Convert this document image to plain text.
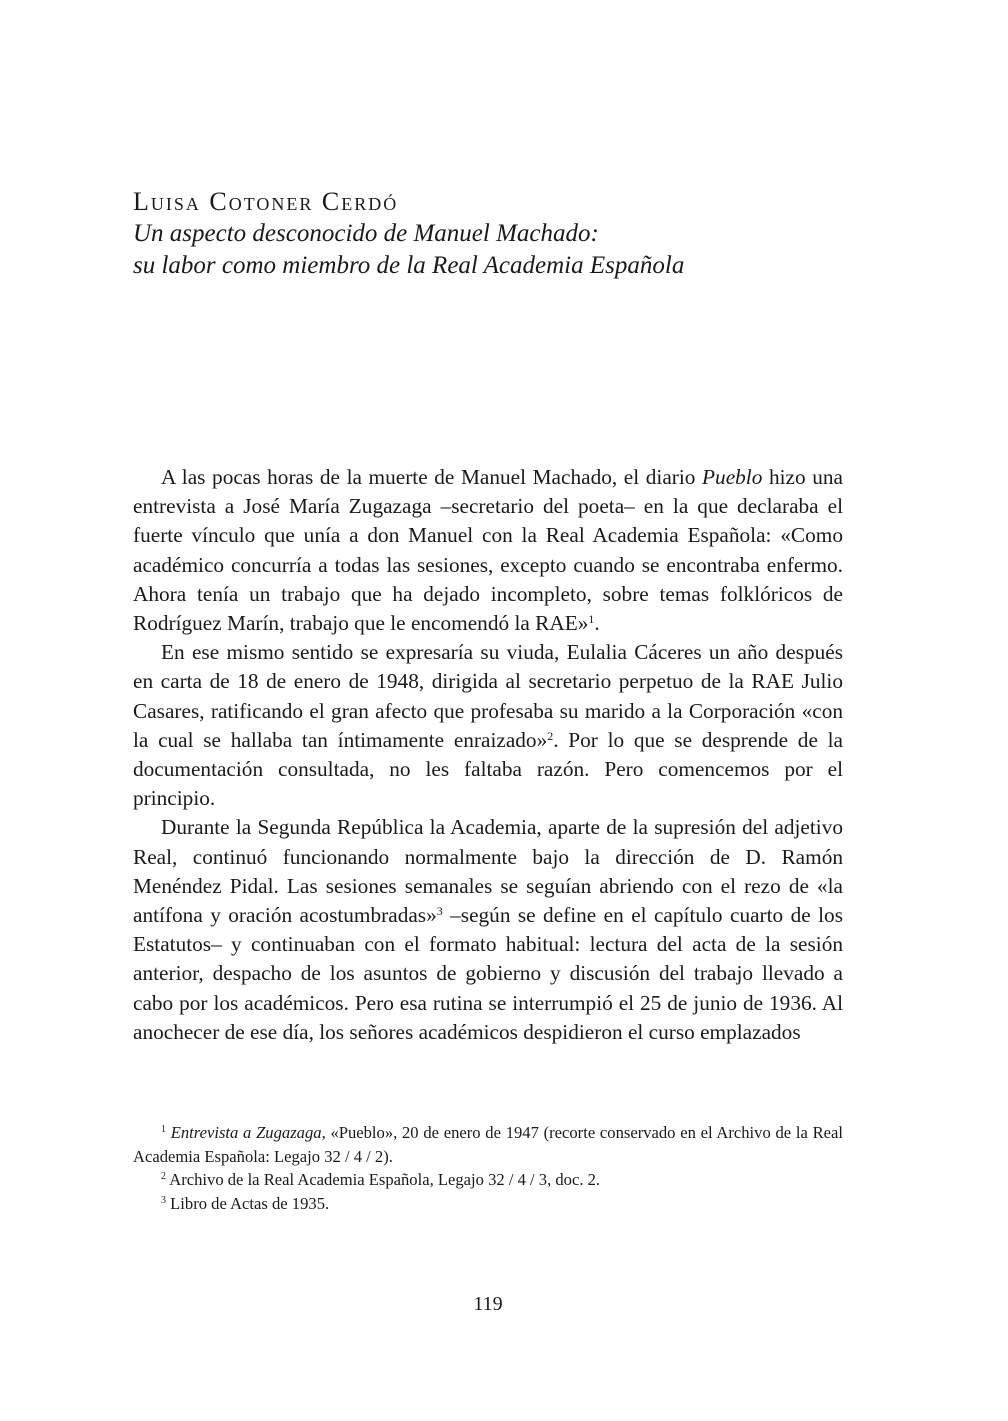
Luisa Cotoner Cerdó

Un aspecto desconocido de Manuel Machado:

su labor como miembro de la Real Academia Española

A las pocas horas de la muerte de Manuel Machado, el diario Pueblo hizo una entrevista a José María Zugazaga –secretario del poeta– en la que declaraba el fuerte vínculo que unía a don Manuel con la Real Academia Española: «Como académico concurría a todas las sesiones, excepto cuando se encontraba enfermo. Ahora tenía un trabajo que ha dejado incompleto, sobre temas folklóricos de Rodríguez Marín, trabajo que le encomendó la RAE»$^1$.

En ese mismo sentido se expresaría su viuda, Eulalia Cáceres un año después en carta de 18 de enero de 1948, dirigida al secretario perpetuo de la RAE Julio Casares, ratificando el gran afecto que profesaba su marido a la Corporación «con la cual se hallaba tan íntimamente enraizado»$^2$. Por lo que se desprende de la documentación consultada, no les faltaba razón. Pero comencemos por el principio.

Durante la Segunda República la Academia, aparte de la supresión del adjetivo Real, continuó funcionando normalmente bajo la dirección de D. Ramón Menéndez Pidal. Las sesiones semanales se seguían abriendo con el rezo de «la antífona y oración acostumbradas»$^3$ –según se define en el capítulo cuarto de los Estatutos– y continuaban con el formato habitual: lectura del acta de la sesión anterior, despacho de los asuntos de gobierno y discusión del trabajo llevado a cabo por los académicos. Pero esa rutina se interrumpió el 25 de junio de 1936. Al anochecer de ese día, los señores académicos despidieron el curso emplazados

$^1$ Entrevista a Zugazaga, «Pueblo», 20 de enero de 1947 (recorte conservado en el Archivo de la Real Academia Española: Legajo 32 / 4 / 2).

$^2$ Archivo de la Real Academia Española, Legajo 32 / 4 / 3, doc. 2.

$^3$ Libro de Actas de 1935.

119
